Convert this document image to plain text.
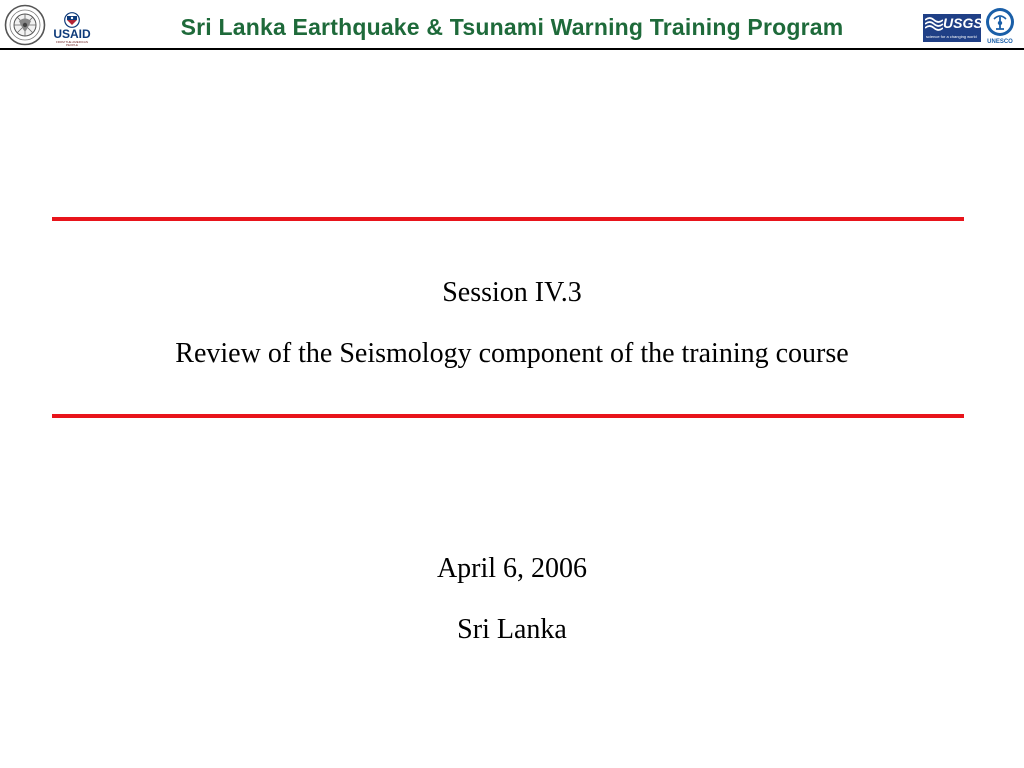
USAID
FROM THE AMERICAN PEOPLE
Sri Lanka Earthquake & Tsunami Warning Training Program	USGS
science for a changing world
UNESCO
Session IV.3
Review of the Seismology component of the training course
April 6, 2006
Sri Lanka
